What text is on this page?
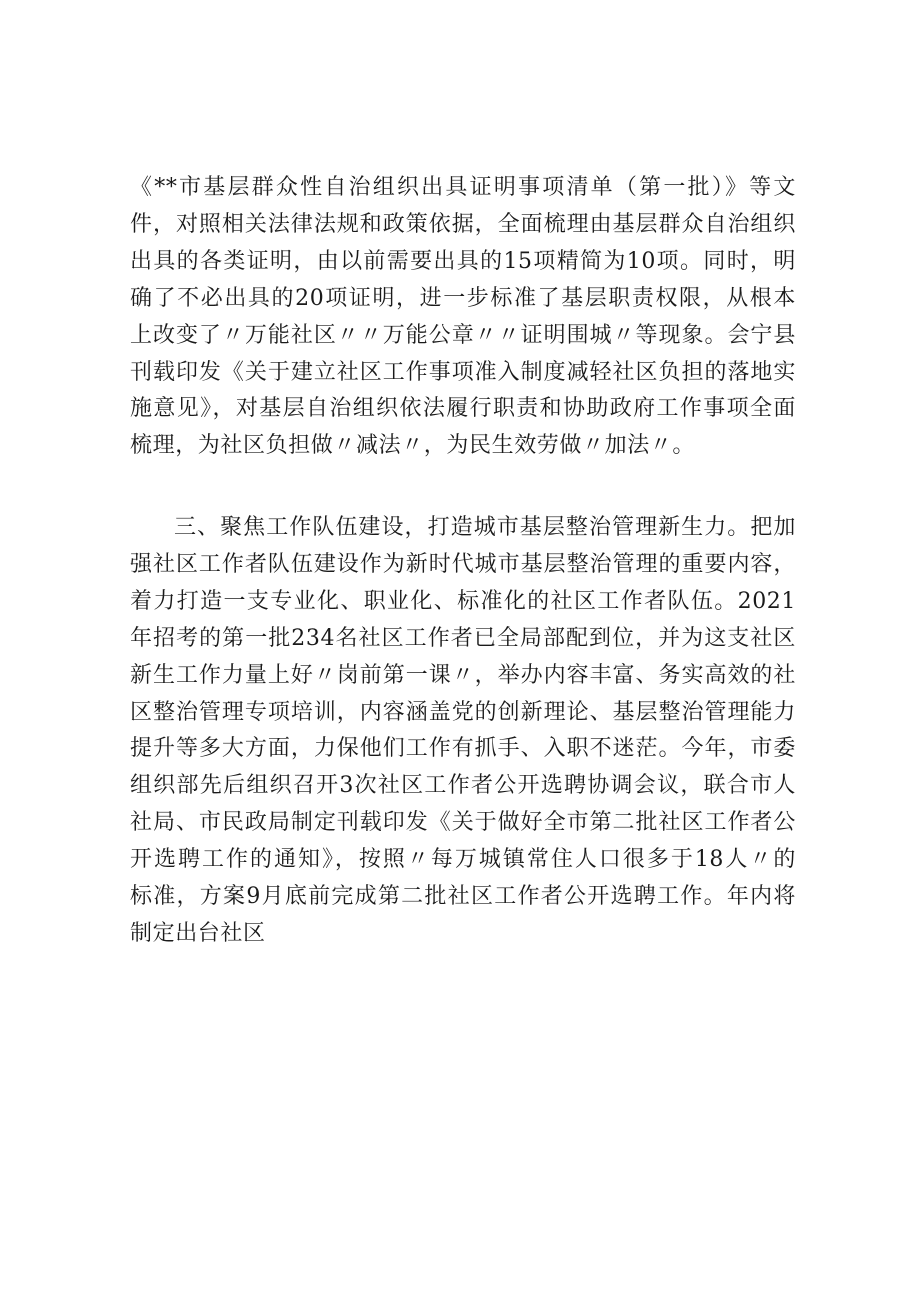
《**市基层群众性自治组织出具证明事项清单（第一批）》等文
件，对照相关法律法规和政策依据，全面梳理由基层群众自治组织
出具的各类证明，由以前需要出具的15项精简为10项。同时，明
确了不必出具的20项证明，进一步标准了基层职责权限，从根本
上改变了〃万能社区〃〃万能公章〃〃证明围城〃等现象。会宁县
刊载印发《关于建立社区工作事项准入制度减轻社区负担的落地实
施意见》，对基层自治组织依法履行职责和协助政府工作事项全面
梳理，为社区负担做〃减法〃，为民生效劳做〃加法〃。
三、聚焦工作队伍建设，打造城市基层整治管理新生力。把加
强社区工作者队伍建设作为新时代城市基层整治管理的重要内容，
着力打造一支专业化、职业化、标准化的社区工作者队伍。2021
年招考的第一批234名社区工作者已全局部配到位，并为这支社区
新生工作力量上好〃岗前第一课〃，举办内容丰富、务实高效的社
区整治管理专项培训，内容涵盖党的创新理论、基层整治管理能力
提升等多大方面，力保他们工作有抓手、入职不迷茫。今年，市委
组织部先后组织召开3次社区工作者公开选聘协调会议，联合市人
社局、市民政局制定刊载印发《关于做好全市第二批社区工作者公
开选聘工作的通知》，按照〃每万城镇常住人口很多于18人〃的
标准，方案9月底前完成第二批社区工作者公开选聘工作。年内将
制定出台社区
